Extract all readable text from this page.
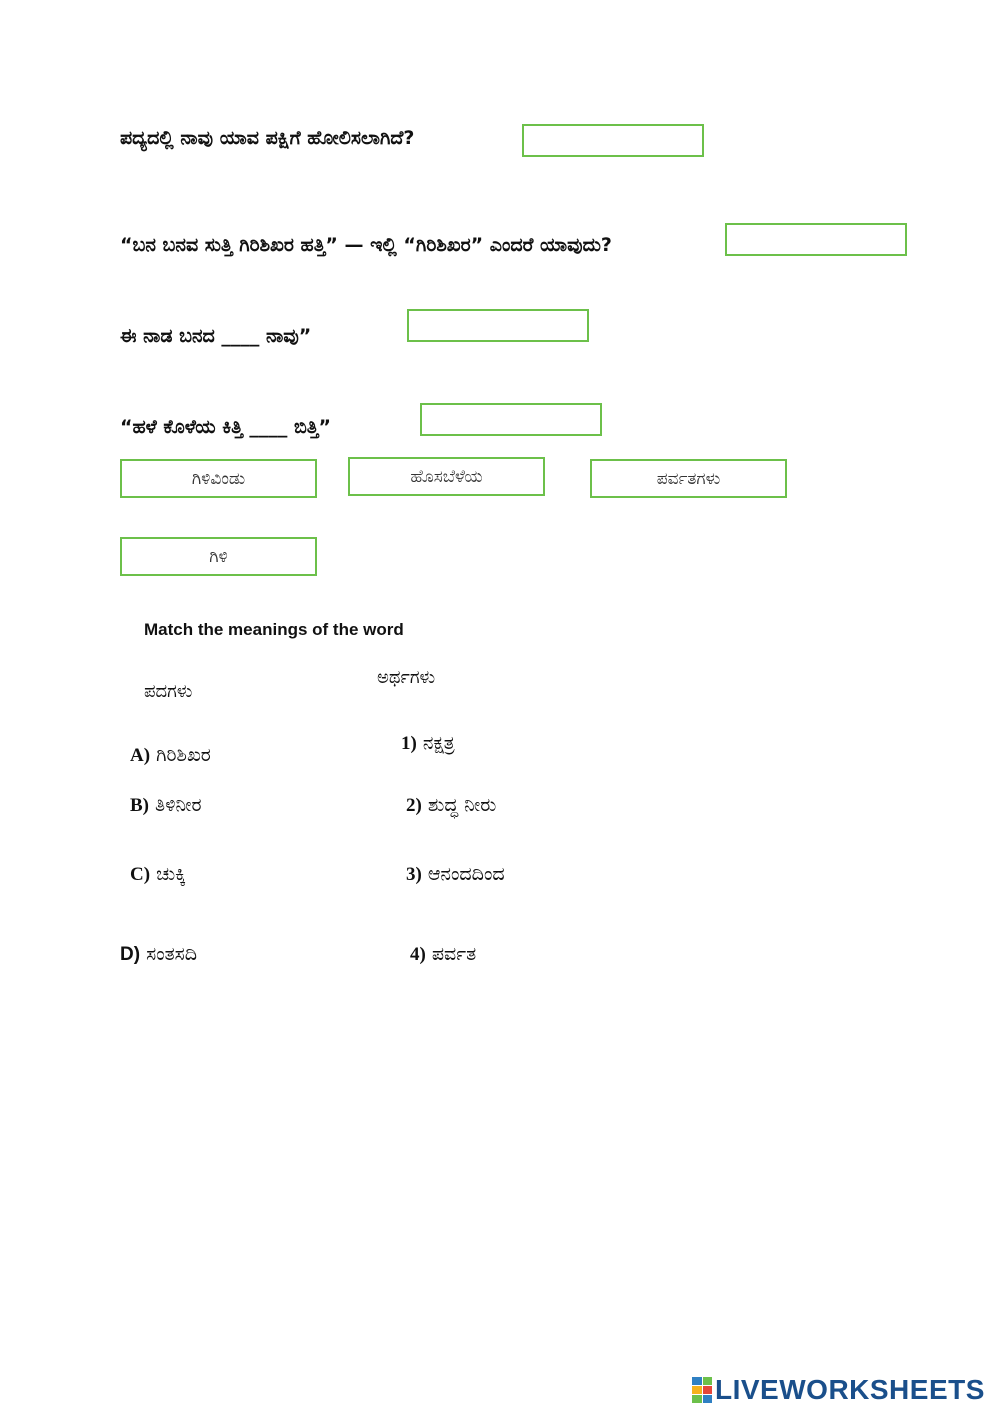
ಪದ್ಯದಲ್ಲಿ ನಾವು ಯಾವ ಪಕ್ಷಿಗೆ ಹೋಲಿಸಲಾಗಿದೆ?
“ಬನ ಬನವ ಸುತ್ತಿ ಗಿರಿಶಿಖರ ಹತ್ತಿ” — ಇಲ್ಲಿ “ಗಿರಿಶಿಖರ” ಎಂದರೆ ಯಾವುದು?
ಈ ನಾಡ ಬನದ ____ ನಾವು”
“ಹಳೆ ಕೊಳೆಯ ಕಿತ್ತಿ ____ ಬಿತ್ತಿ”
ಗಿಳಿವಿಂಡು	ಹೊಸಬೆಳೆಯ	ಪರ್ವತಗಳು
ಗಿಳಿ
Match the meanings of the word
ಪದಗಳು
ಅರ್ಥಗಳು
A) ಗಿರಿಶಿಖರ
B) ತಿಳಿನೀರ
C) ಚುಕ್ಕಿ
D) ಸಂತಸದಿ
1) ನಕ್ಷತ್ರ
2) ಶುದ್ಧ ನೀರು
3) ಆನಂದದಿಂದ
4) ಪರ್ವತ
LIVEWORKSHEETS
